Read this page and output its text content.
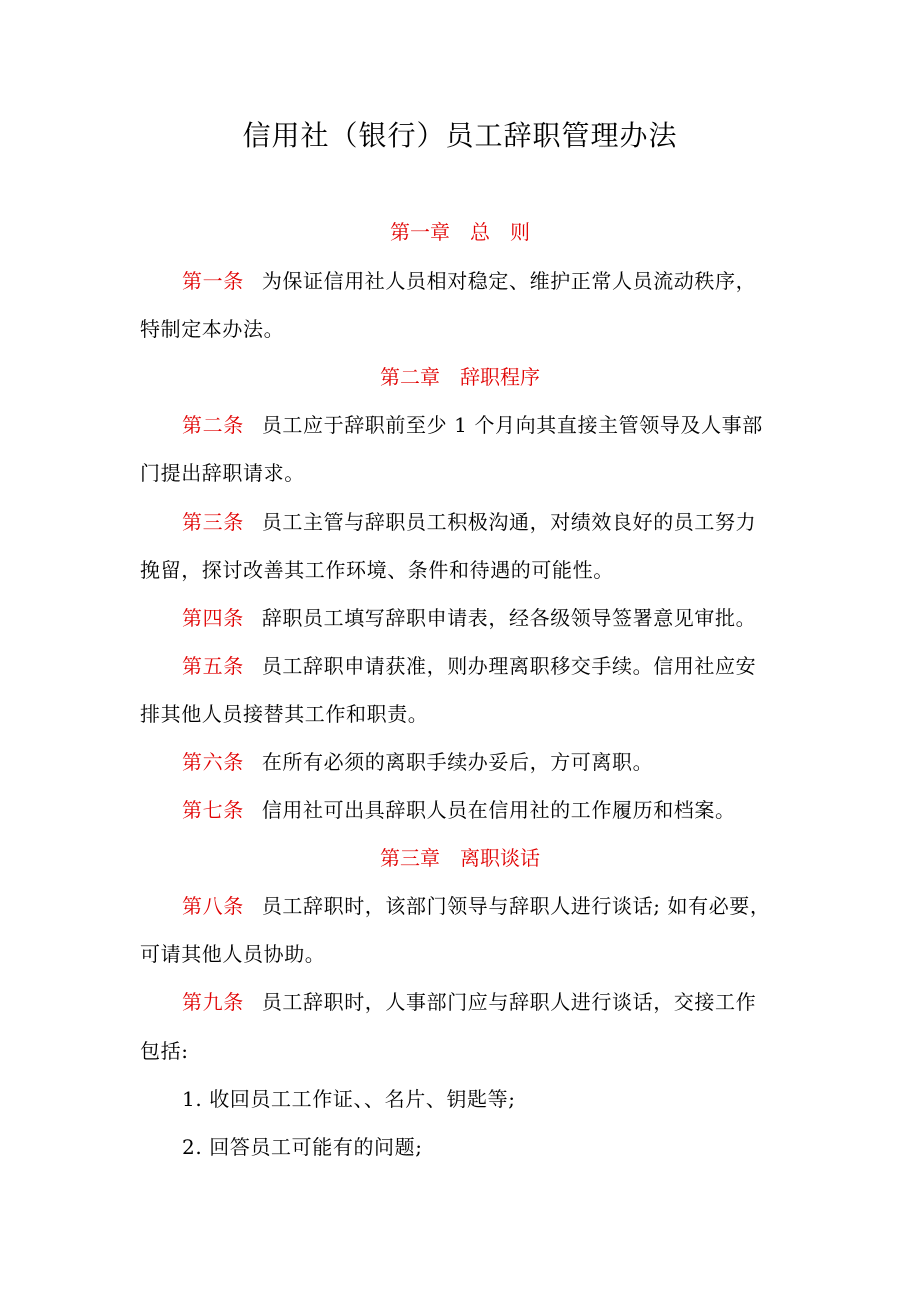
信用社（银行）员工辞职管理办法
第一章 总　则
第一条 为保证信用社人员相对稳定、维护正常人员流动秩序，
特制定本办法。
第二章 辞职程序
第二条 员工应于辞职前至少 1 个月向其直接主管领导及人事部
门提出辞职请求。
第三条 员工主管与辞职员工积极沟通，对绩效良好的员工努力
挽留，探讨改善其工作环境、条件和待遇的可能性。
第四条 辞职员工填写辞职申请表，经各级领导签署意见审批。
第五条 员工辞职申请获准，则办理离职移交手续。信用社应安
排其他人员接替其工作和职责。
第六条 在所有必须的离职手续办妥后，方可离职。
第七条 信用社可出具辞职人员在信用社的工作履历和档案。
第三章 离职谈话
第八条 员工辞职时，该部门领导与辞职人进行谈话; 如有必要，
可请其他人员协助。
第九条 员工辞职时，人事部门应与辞职人进行谈话，交接工作
包括:
1. 收回员工工作证、、名片、钥匙等;
2. 回答员工可能有的问题;
